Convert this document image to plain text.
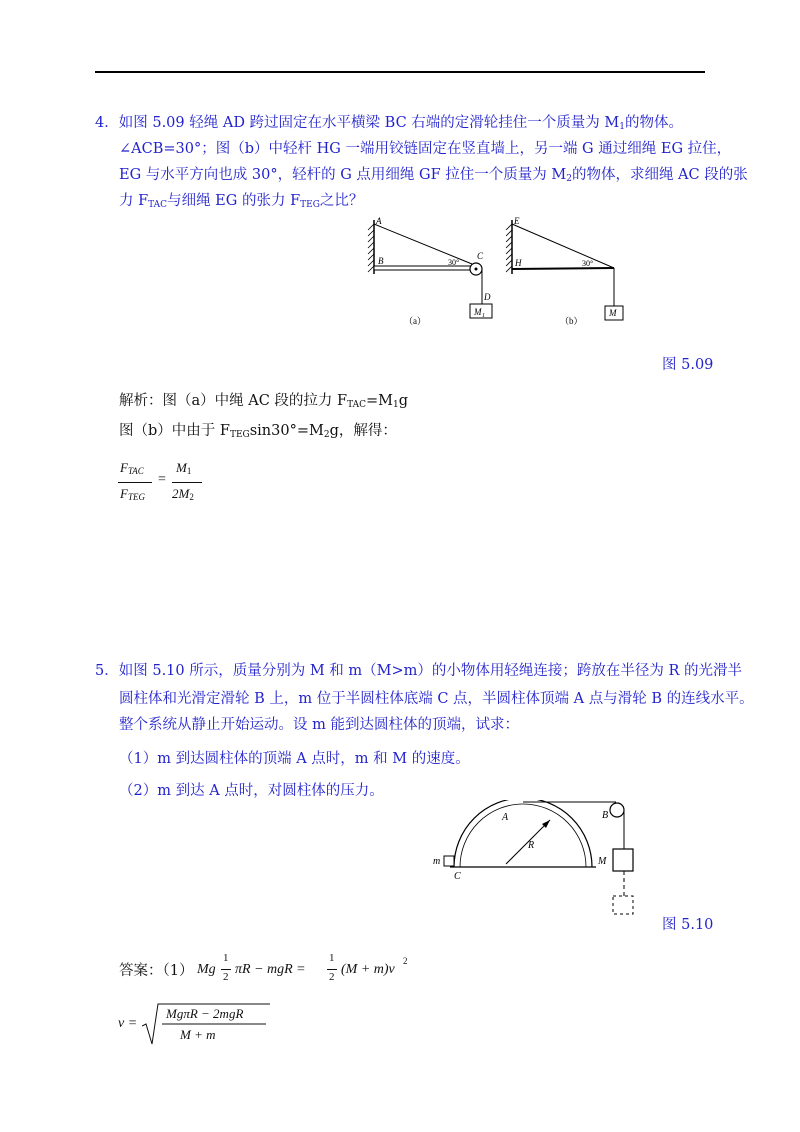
4．如图 5.09 轻绳 AD 跨过固定在水平横梁 BC 右端的定滑轮挂住一个质量为 $M_1$的物体。
∠ACB=30°；图（b）中轻杆 HG 一端用铰链固定在竖直墙上，另一端 G 通过细绳 EG 拉住，
EG 与水平方向也成 30°，轻杆的 G 点用细绳 GF 拉住一个质量为 $M_2$的物体，求细绳 AC 段的张
力 $F_{TAC}$与细绳 EG 的张力 $F_{TEG}$之比？
M 1
A
B	C
D
30°
（a）
M
E
H	30°
（b）
图 5.09
解析：图（a）中绳 AC 段的拉力 $F_{TAC}=M_1g$
图（b）中由于 $F_{TEG}\sin 30^\circ=M_2g$，解得：
$F_{TAC}$
$F_{TEG}$
=
$M_1$
$2M_2$
5．如图 5.10 所示，质量分别为 M 和 m（M>m）的小物体用轻绳连接；跨放在半径为 R 的光滑半
圆柱体和光滑定滑轮 B 上，m 位于半圆柱体底端 C 点，半圆柱体顶端 A 点与滑轮 B 的连线水平。
整个系统从静止开始运动。设 m 能到达圆柱体的顶端，试求：
（1）m 到达圆柱体的顶端 A 点时，m 和 M 的速度。
（2）m 到达 A 点时，对圆柱体的压力。
m
A	B
C
R
M
图 5.10
答案：（1） Mg
1
2 πR − mgR =
1
2 (M + m)v
2
v =
MgπR − 2mgR
M + m
